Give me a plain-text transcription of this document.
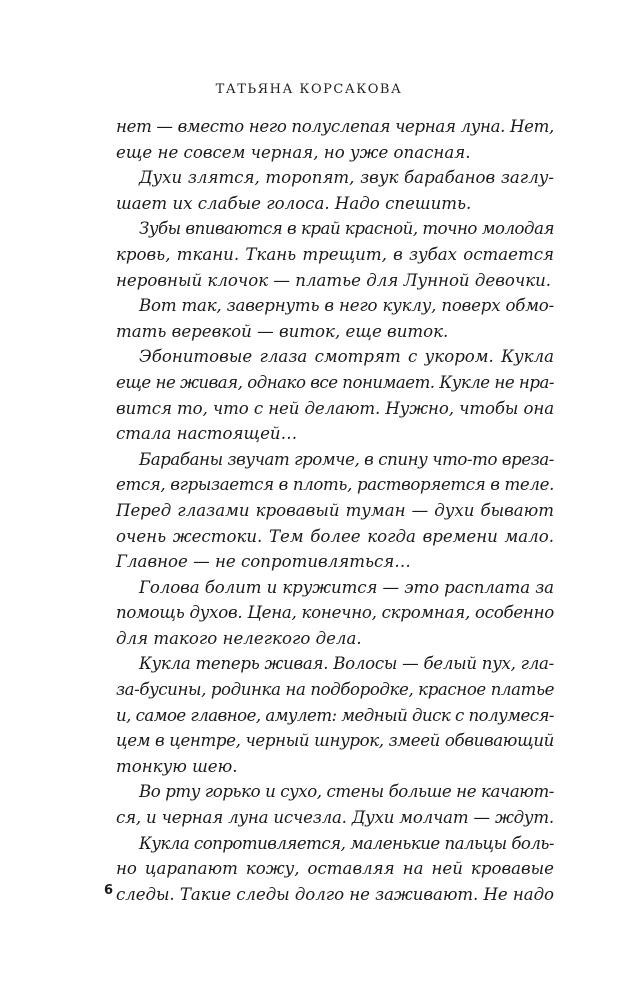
ТАТЬЯНА КОРСАКОВА

нет — вместо него полуслепая черная луна. Нет,
еще не совсем черная, но уже опасная.

Духи злятся, торопят, звук барабанов заглу-
шает их слабые голоса. Надо спешить.

Зубы впиваются в край красной, точно молодая
кровь, ткани. Ткань трещит, в зубах остается
неровный клочок — платье для Лунной девочки.

Вот так, завернуть в него куклу, поверх обмо-
тать веревкой — виток, еще виток.

Эбонитовые глаза смотрят с укором. Кукла
еще не живая, однако все понимает. Кукле не нра-
вится то, что с ней делают. Нужно, чтобы она
стала настоящей…

Барабаны звучат громче, в спину что-то вреза-
ется, вгрызается в плоть, растворяется в теле.
Перед глазами кровавый туман — духи бывают
очень жестоки. Тем более когда времени мало.
Главное — не сопротивляться…

Голова болит и кружится — это расплата за
помощь духов. Цена, конечно, скромная, особенно
для такого нелегкого дела.

Кукла теперь живая. Волосы — белый пух, гла-
за-бусины, родинка на подбородке, красное платье
и, самое главное, амулет: медный диск с полумеся-
цем в центре, черный шнурок, змеей обвивающий
тонкую шею.

Во рту горько и сухо, стены больше не качают-
ся, и черная луна исчезла. Духи молчат — ждут.

Кукла сопротивляется, маленькие пальцы боль-
но царапают кожу, оставляя на ней кровавые
следы. Такие следы долго не заживают. Не надо

6
